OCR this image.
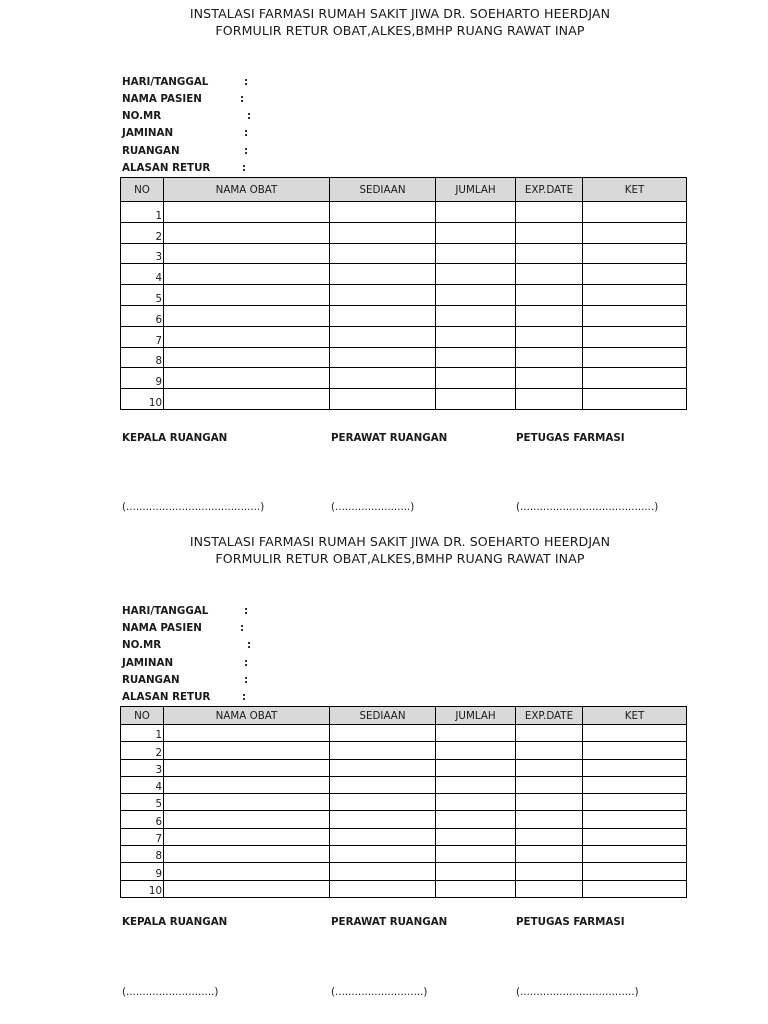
INSTALASI FARMASI RUMAH SAKIT JIWA DR. SOEHARTO HEERDJAN
FORMULIR RETUR OBAT,ALKES,BMHP RUANG RAWAT INAP
HARI/TANGGAL	:
NAMA PASIEN	:
NO.MR	:
JAMINAN	:
RUANGAN	:
ALASAN RETUR	:
NO	NAMA OBAT	SEDIAAN	JUMLAH	EXP.DATE	KET
1					
2					
3					
4					
5					
6					
7					
8					
9					
10					
KEPALA RUANGAN	PERAWAT RUANGAN	PETUGAS FARMASI
(.........................................)	(.......................)	(.........................................)
INSTALASI FARMASI RUMAH SAKIT JIWA DR. SOEHARTO HEERDJAN
FORMULIR RETUR OBAT,ALKES,BMHP RUANG RAWAT INAP
HARI/TANGGAL	:
NAMA PASIEN	:
NO.MR	:
JAMINAN	:
RUANGAN	:
ALASAN RETUR	:
NO	NAMA OBAT	SEDIAAN	JUMLAH	EXP.DATE	KET
1					
2					
3					
4					
5					
6					
7					
8					
9					
10					
KEPALA RUANGAN	PERAWAT RUANGAN	PETUGAS FARMASI
(...........................)	(...........................)	(...................................)
